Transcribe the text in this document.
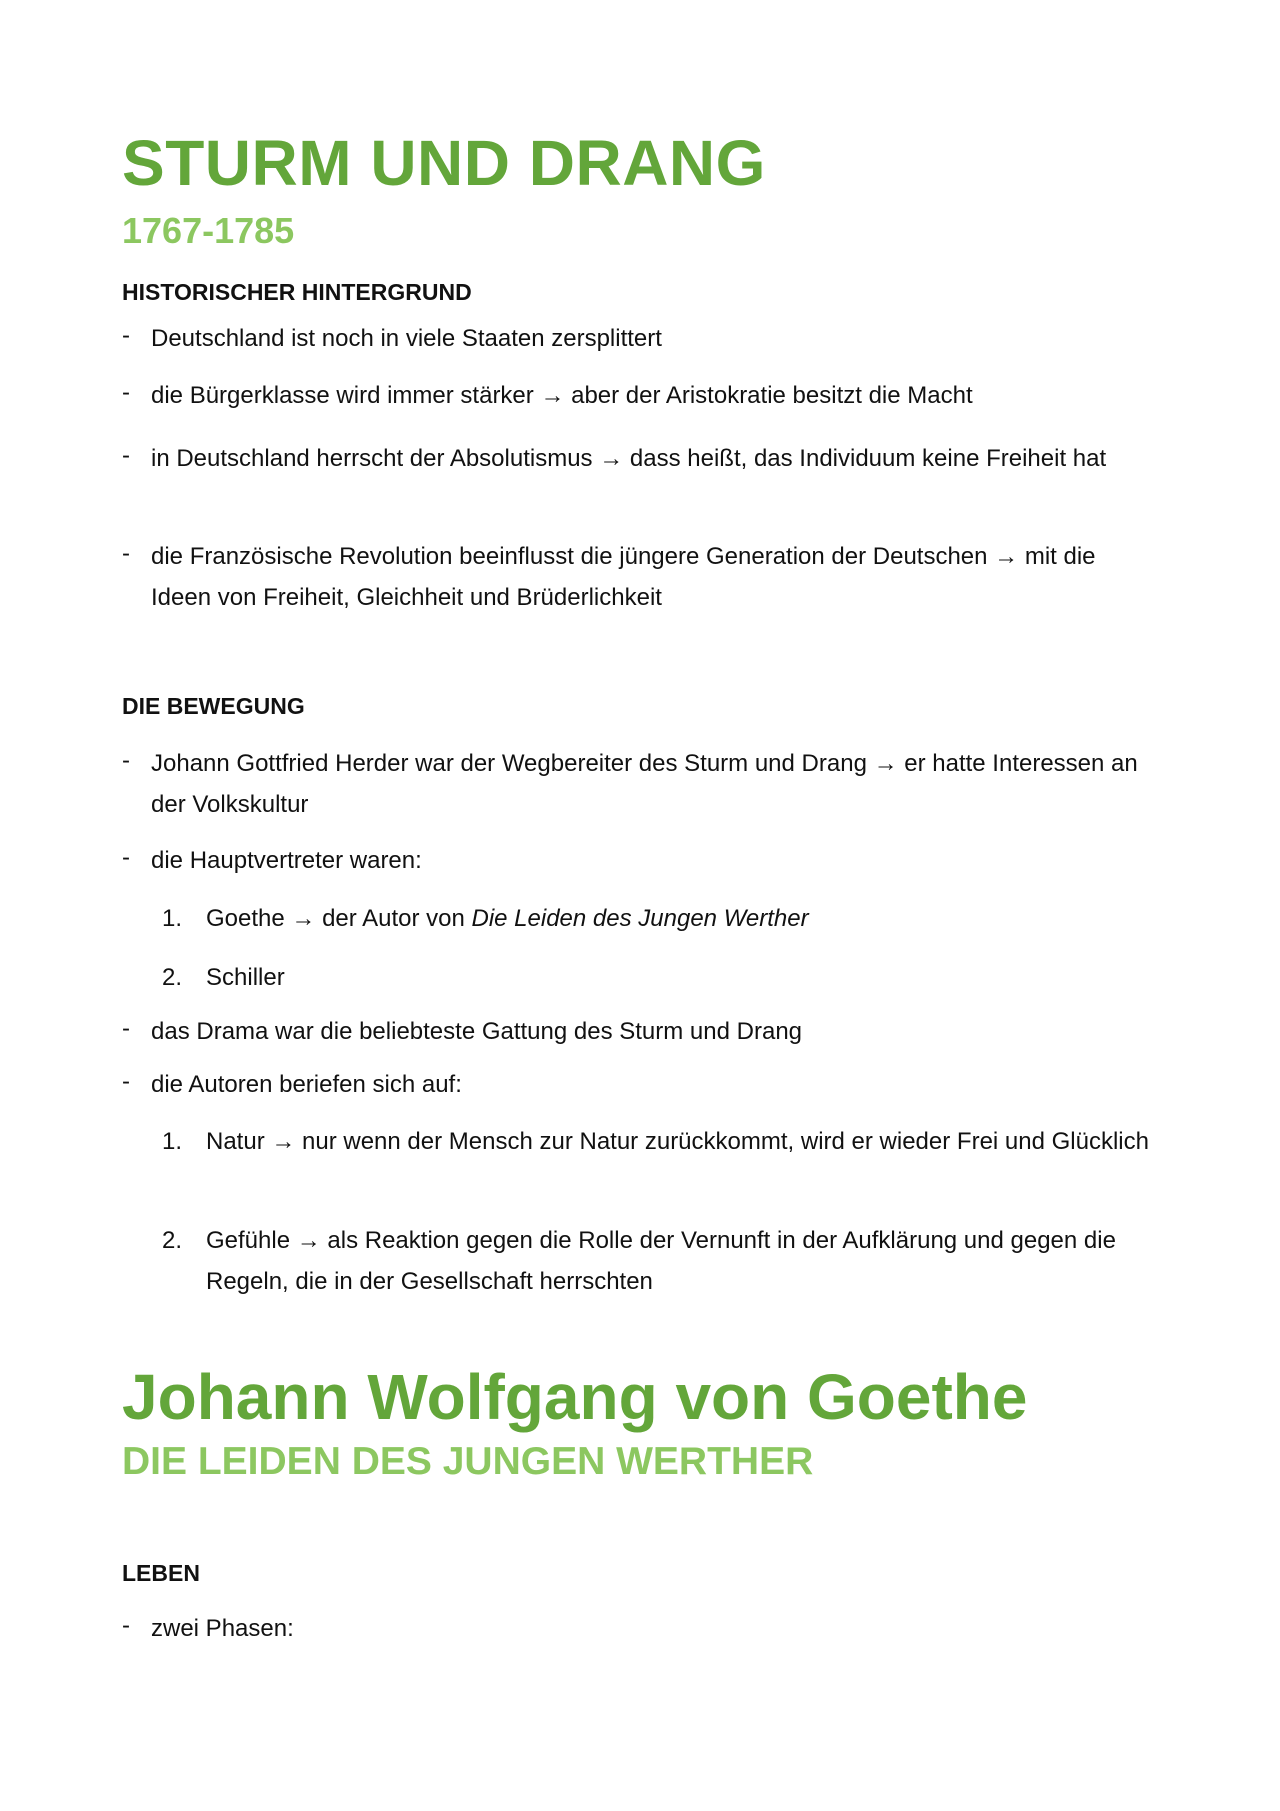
STURM UND DRANG
1767-1785
HISTORISCHER HINTERGRUND
- Deutschland ist noch in viele Staaten zersplittert
- die Bürgerklasse wird immer stärker → aber der Aristokratie besitzt die Macht
- in Deutschland herrscht der Absolutismus → dass heißt, das Individuum keine Freiheit hat
- die Französische Revolution beeinflusst die jüngere Generation der Deutschen → mit die Ideen von Freiheit, Gleichheit und Brüderlichkeit
DIE BEWEGUNG
- Johann Gottfried Herder war der Wegbereiter des Sturm und Drang → er hatte Interessen an der Volkskultur
- die Hauptvertreter waren:
1. Goethe → der Autor von Die Leiden des Jungen Werther
2. Schiller
- das Drama war die beliebteste Gattung des Sturm und Drang
- die Autoren beriefen sich auf:
1. Natur → nur wenn der Mensch zur Natur zurückkommt, wird er wieder Frei und Glücklich
2. Gefühle → als Reaktion gegen die Rolle der Vernunft in der Aufklärung und gegen die Regeln, die in der Gesellschaft herrschten
Johann Wolfgang von Goethe
DIE LEIDEN DES JUNGEN WERTHER
LEBEN
- zwei Phasen:
